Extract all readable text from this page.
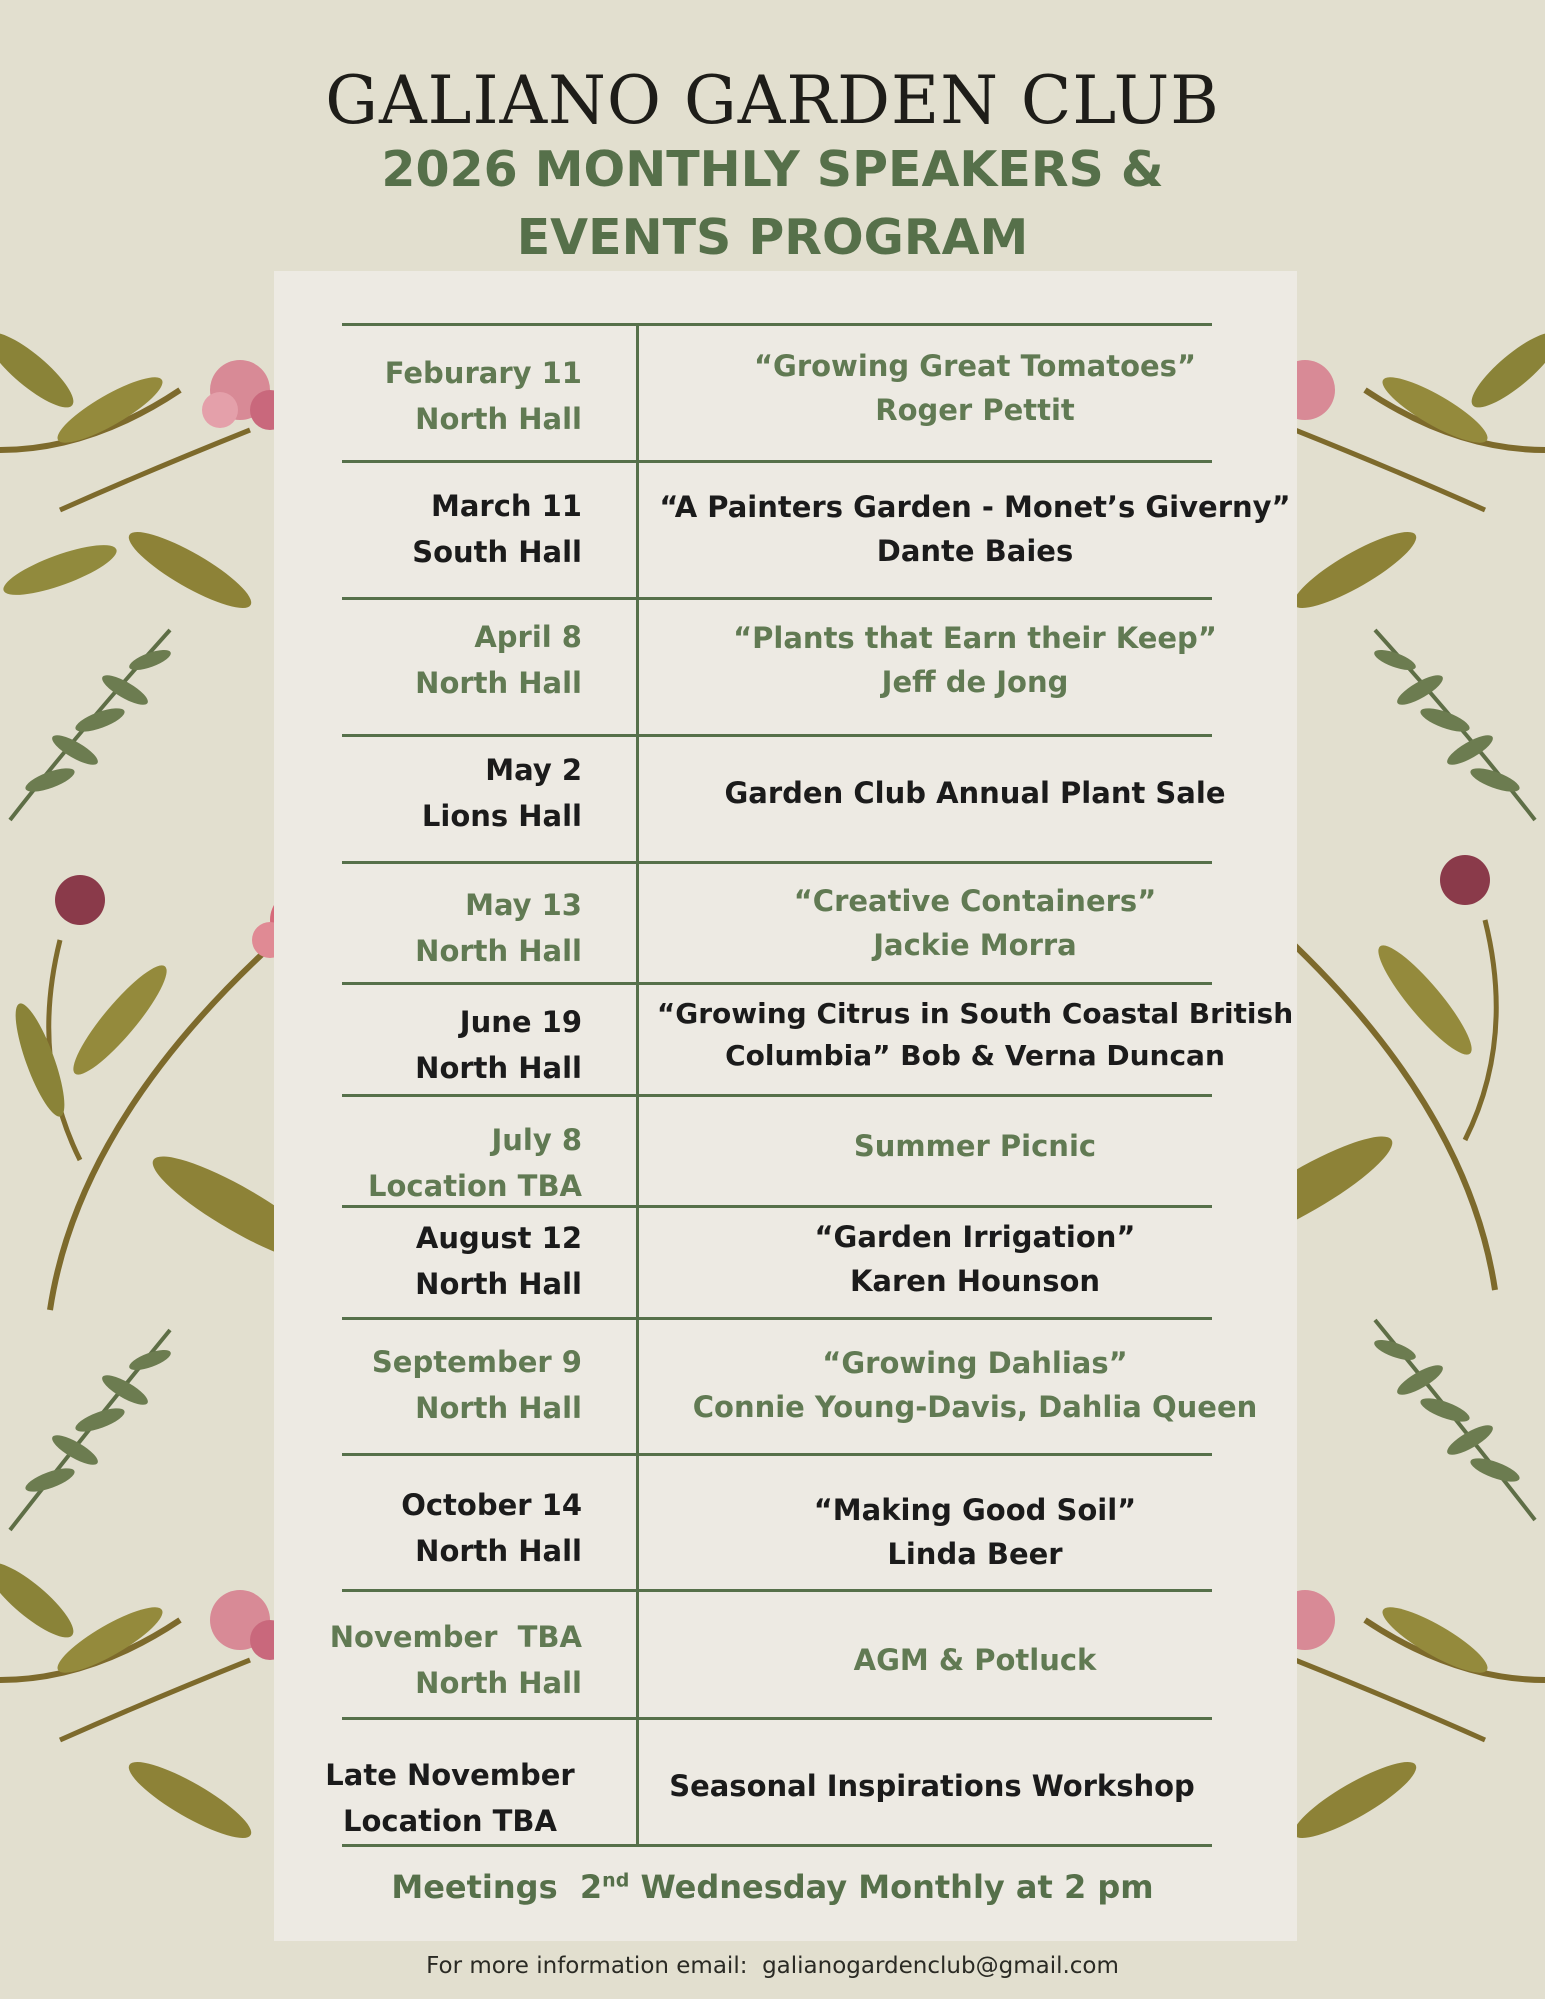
GALIANO GARDEN CLUB
2026 MONTHLY SPEAKERS &
EVENTS PROGRAM
Feburary 11
North Hall
“Growing Great Tomatoes”
Roger Pettit
March 11
South Hall
“A Painters Garden - Monet’s Giverny”
Dante Baies
April 8
North Hall
“Plants that Earn their Keep”
Jeff de Jong
May 2
Lions Hall
Garden Club Annual Plant Sale
May 13
North Hall
“Creative Containers”
Jackie Morra
June 19
North Hall
“Growing Citrus in South Coastal British
Columbia” Bob & Verna Duncan
July 8
Location TBA
Summer Picnic
August 12
North Hall
“Garden Irrigation”
Karen Hounson
September 9
North Hall
“Growing Dahlias”
Connie Young-Davis, Dahlia Queen
October 14
North Hall
“Making Good Soil”
Linda Beer
November  TBA
North Hall
AGM & Potluck
Late November
Location TBA
Seasonal Inspirations Workshop
Meetings  2nd Wednesday Monthly at 2 pm
For more information email:  galianogardenclub@gmail.com
